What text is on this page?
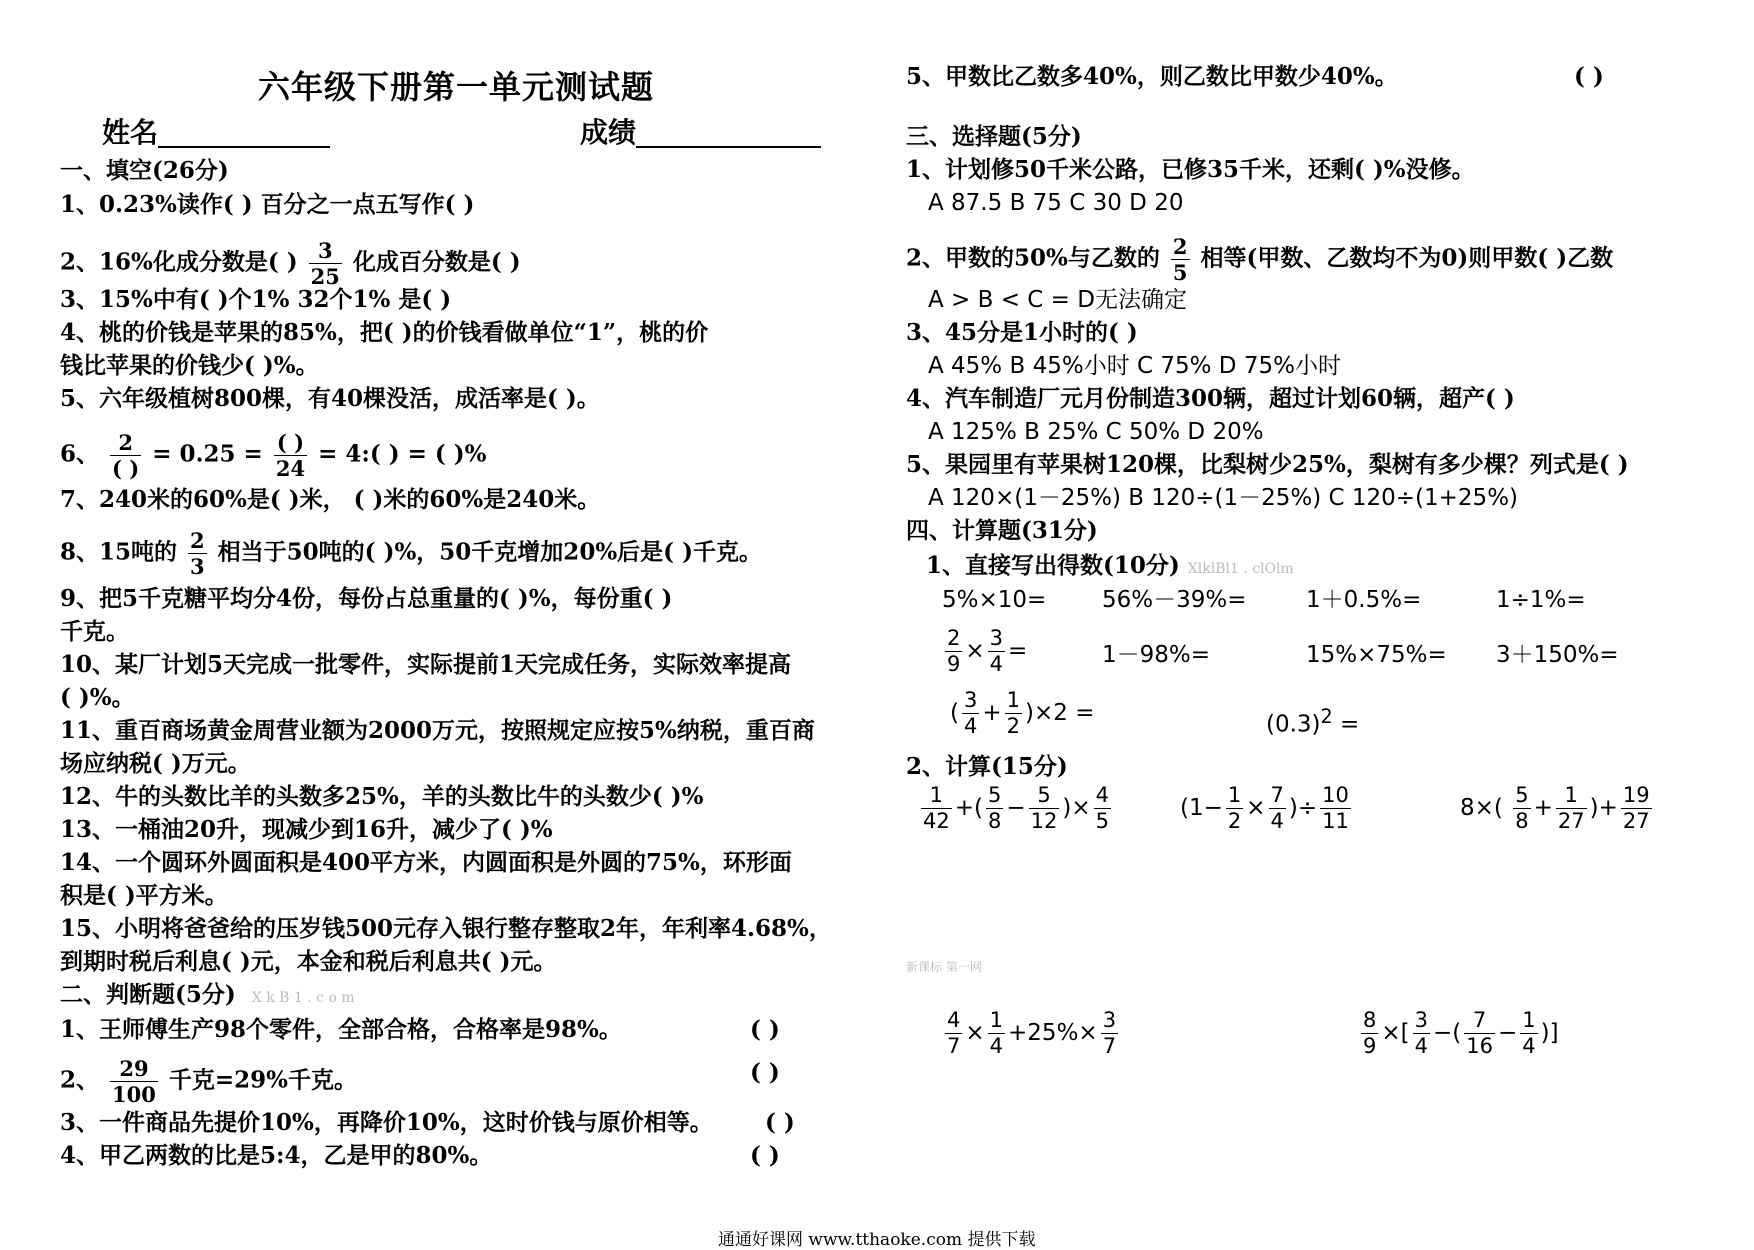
六年级下册第一单元测试题
姓名	成绩
一、填空(26分)
1、0.23%读作( ) 百分之一点五写作( )
2、16%化成分数是( ) $\frac{3}{25}$ 化成百分数是( )
3、15%中有( )个1% 32个1% 是( )
4、桃的价钱是苹果的85%，把( )的价钱看做单位“1”，桃的价
钱比苹果的价钱少( )%。
5、六年级植树800棵，有40棵没活，成活率是( )。
6、 $\frac{2}{( )} = 0.25 = \frac{( )}{24}$ = 4:( ) = ( )%
7、240米的60%是( )米， ( )米的60%是240米。
8、15吨的 $\frac{2}{3}$ 相当于50吨的( )%，50千克增加20%后是( )千克。
9、把5千克糖平均分4份，每份占总重量的( )%，每份重( )
千克。
10、某厂计划5天完成一批零件，实际提前1天完成任务，实际效率提高
( )%。
11、重百商场黄金周营业额为2000万元，按照规定应按5%纳税，重百商
场应纳税( )万元。
12、牛的头数比羊的头数多25%，羊的头数比牛的头数少( )%
13、一桶油20升，现减少到16升，减少了( )%
14、一个圆环外圆面积是400平方米，内圆面积是外圆的75%，环形面
积是( )平方米。
15、小明将爸爸给的压岁钱500元存入银行整存整取2年，年利率4.68%，
到期时税后利息( )元，本金和税后利息共( )元。
二、判断题(5分) X k B 1 . c o m
1、王师傅生产98个零件，全部合格，合格率是98%。	( )
2、 $\frac{29}{100}$ 千克=29%千克。	( )
3、一件商品先提价10%，再降价10%，这时价钱与原价相等。 ( )
4、甲乙两数的比是5:4，乙是甲的80%。	( )
5、甲数比乙数多40%，则乙数比甲数少40%。	( )
三、选择题(5分)
1、计划修50千米公路，已修35千米，还剩( )%没修。
A 87.5 B 75 C 30 D 20
2、甲数的50%与乙数的 $\frac{2}{5}$ 相等(甲数、乙数均不为0)则甲数( )乙数
A > B < C = D无法确定
3、45分是1小时的( )
A 45% B 45%小时 C 75% D 75%小时
4、汽车制造厂元月份制造300辆，超过计划60辆，超产( )
A 125% B 25% C 50% D 20%
5、果园里有苹果树120棵，比梨树少25%，梨树有多少棵？列式是( )
A 120×(1－25%) B 120÷(1－25%) C 120÷(1+25%)
四、计算题(31分)
1、直接写出得数(10分) XlklBl1 . clOlm
5%×10= 56%－39%=	1＋0.5%=	1÷1%=
$\frac{2}{9} \times \frac{3}{4}$ =	1－98%=	15%×75%= 3＋150%=
( $\frac{3}{4} + \frac{1}{2} )\times 2$ =	$(0.3)^2$ =
2、计算(15分)
$\frac{1}{42}$ +( $\frac{5}{8} - \frac{5}{12}$ )× $\frac{4}{5}$	($1- \frac{1}{2} \times \frac{7}{4}$ )÷ $\frac{10}{11}$	$8\times( \frac{5}{8} + \frac{1}{27}$ )+ $\frac{19}{27}$
新课标 第一网
$\frac{4}{7} \times \frac{1}{4} +25\%\times \frac{3}{7}$	$\frac{8}{9}$ ×[ $\frac{3}{4}$ −( $\frac{7}{16} - \frac{1}{4}$ )]
通通好课网 www.tthaoke.com 提供下载
